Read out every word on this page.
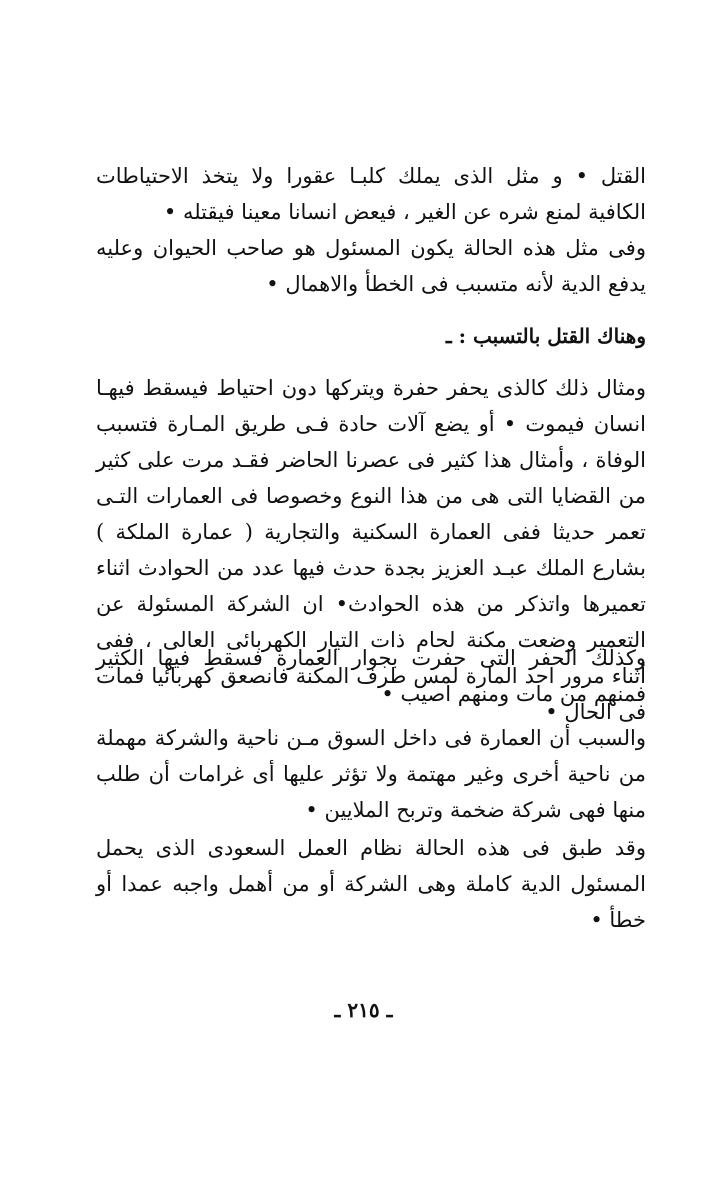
القتل • و مثل الذى يملك كلبـا عقورا ولا يتخذ الاحتياطات الكافية لمنع شره عن الغير ، فيعض انسانا معينا فيقتله •

وفى مثل هذه الحالة يكون المسئول هو صاحب الحيوان وعليه يدفع الدية لأنه متسبب فى الخطأ والاهمال •

وهناك القتل بالتسبب : ـ

ومثال ذلك كالذى يحفر حفرة ويتركها دون احتياط فيسقط فيهـا انسان فيموت • أو يضع آلات حادة فـى طريق المـارة فتسبب الوفاة ، وأمثال هذا كثير فى عصرنا الحاضر فقـد مرت على كثير من القضايا التى هى من هذا النوع وخصوصا فى العمارات التـى تعمر حديثا ففى العمارة السكنية والتجارية ( عمارة الملكة ) بشارع الملك عبـد العزيز بجدة حدث فيها عدد من الحوادث اثناء تعميرها واتذكر من هذه الحوادث• ان الشركة المسئولة عن التعمير وضعت مكنة لحام ذات التيار الكهربائى العالى ، ففى أثناء مرور احد المارة لمس طرف المكنة فانصعق كهربائيا فمات فى الحال •

وكذلك الحفر التى حفرت بجوار العمارة فسقط فيها الكثير فمنهم من مات ومنهم اصيب •

والسبب أن العمارة فى داخل السوق مـن ناحية والشركة مهملة من ناحية أخرى وغير مهتمة ولا تؤثر عليها أى غرامات أن طلب منها فهى شركة ضخمة وتربح الملايين •

وقد طبق فى هذه الحالة نظام العمل السعودى الذى يحمل المسئول الدية كاملة وهى الشركة أو من أهمل واجبه عمدا أو خطأ •

ـ ٢١٥ ـ
